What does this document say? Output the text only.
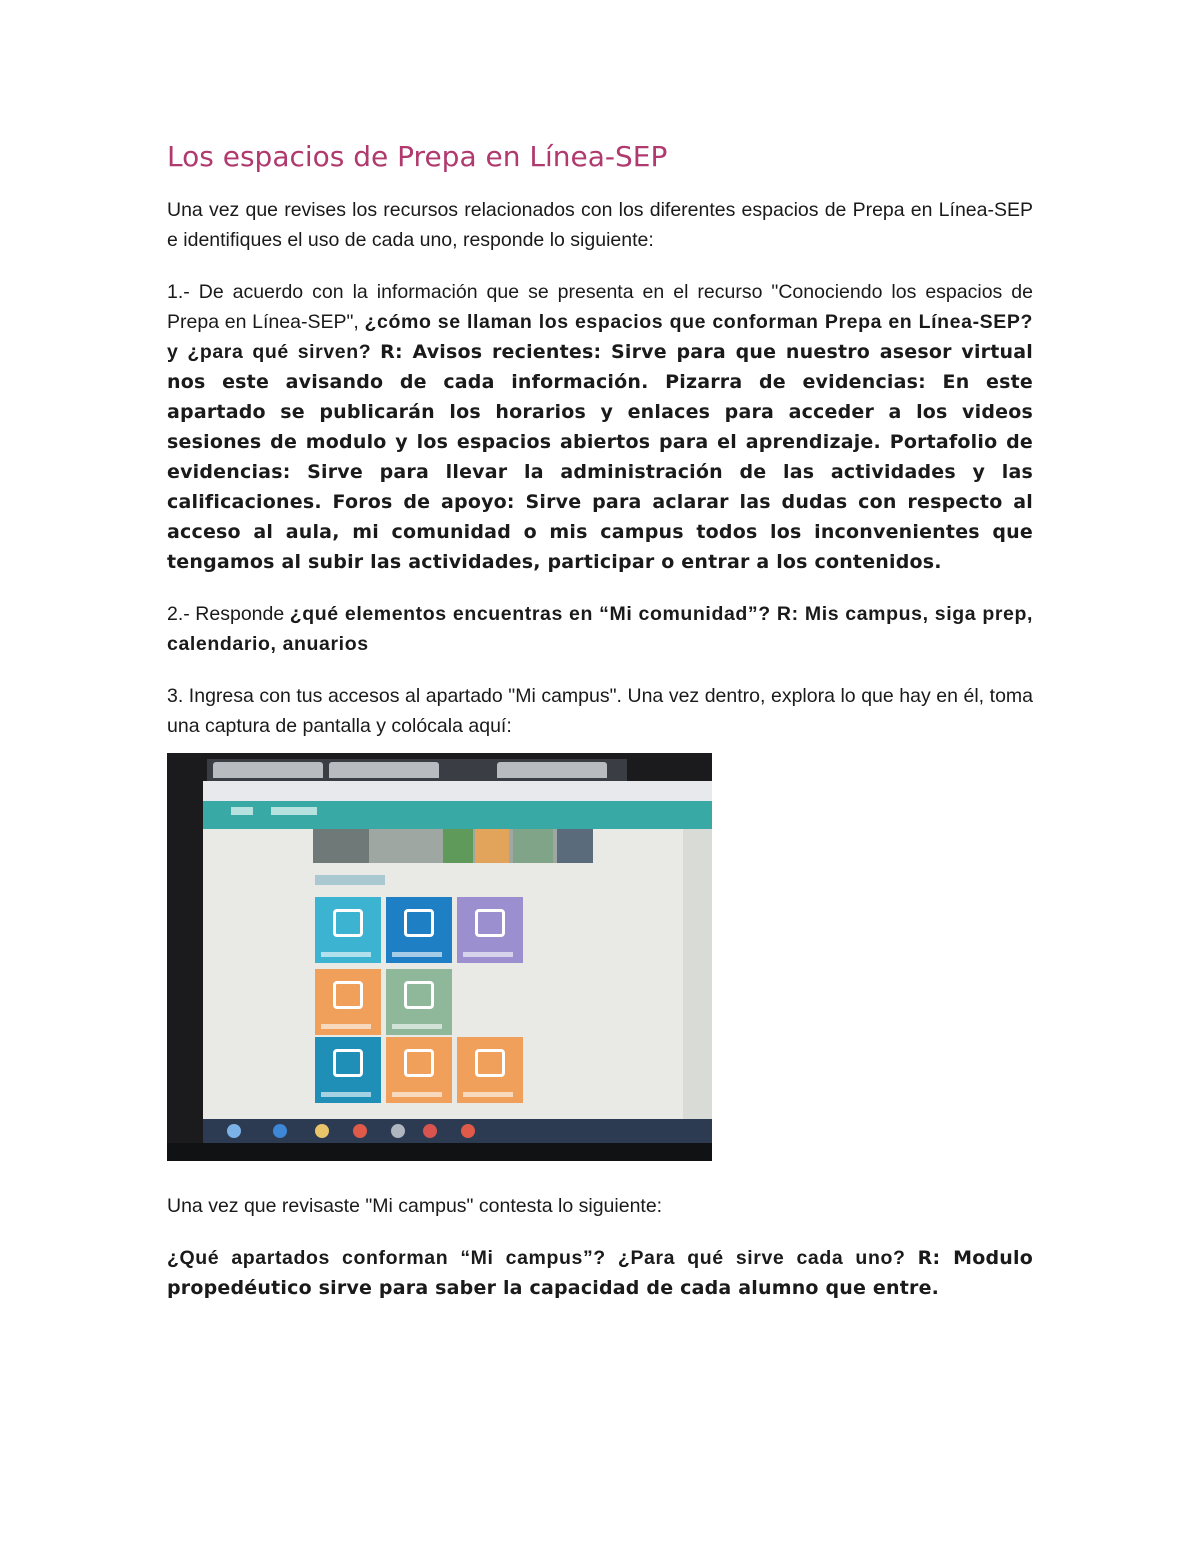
Los espacios de Prepa en Línea-SEP

Una vez que revises los recursos relacionados con los diferentes espacios de Prepa en Línea-SEP e identifiques el uso de cada uno, responde lo siguiente:

1.- De acuerdo con la información que se presenta en el recurso "Conociendo los espacios de Prepa en Línea-SEP", ¿cómo se llaman los espacios que conforman Prepa en Línea-SEP? y ¿para qué sirven? R: Avisos recientes: Sirve para que nuestro asesor virtual nos este avisando de cada información. Pizarra de evidencias: En este apartado se publicarán los horarios y enlaces para acceder a los videos sesiones de modulo y los espacios abiertos para el aprendizaje. Portafolio de evidencias: Sirve para llevar la administración de las actividades y las calificaciones. Foros de apoyo: Sirve para aclarar las dudas con respecto al acceso al aula, mi comunidad o mis campus todos los inconvenientes que tengamos al subir las actividades, participar o entrar a los contenidos.

2.- Responde ¿qué elementos encuentras en “Mi comunidad”? R: Mis campus, siga prep, calendario, anuarios

3. Ingresa con tus accesos al apartado "Mi campus". Una vez dentro, explora lo que hay en él, toma una captura de pantalla y colócala aquí:

Una vez que revisaste "Mi campus" contesta lo siguiente:

¿Qué apartados conforman “Mi campus”? ¿Para qué sirve cada uno? R: Modulo propedéutico sirve para saber la capacidad de cada alumno que entre.
